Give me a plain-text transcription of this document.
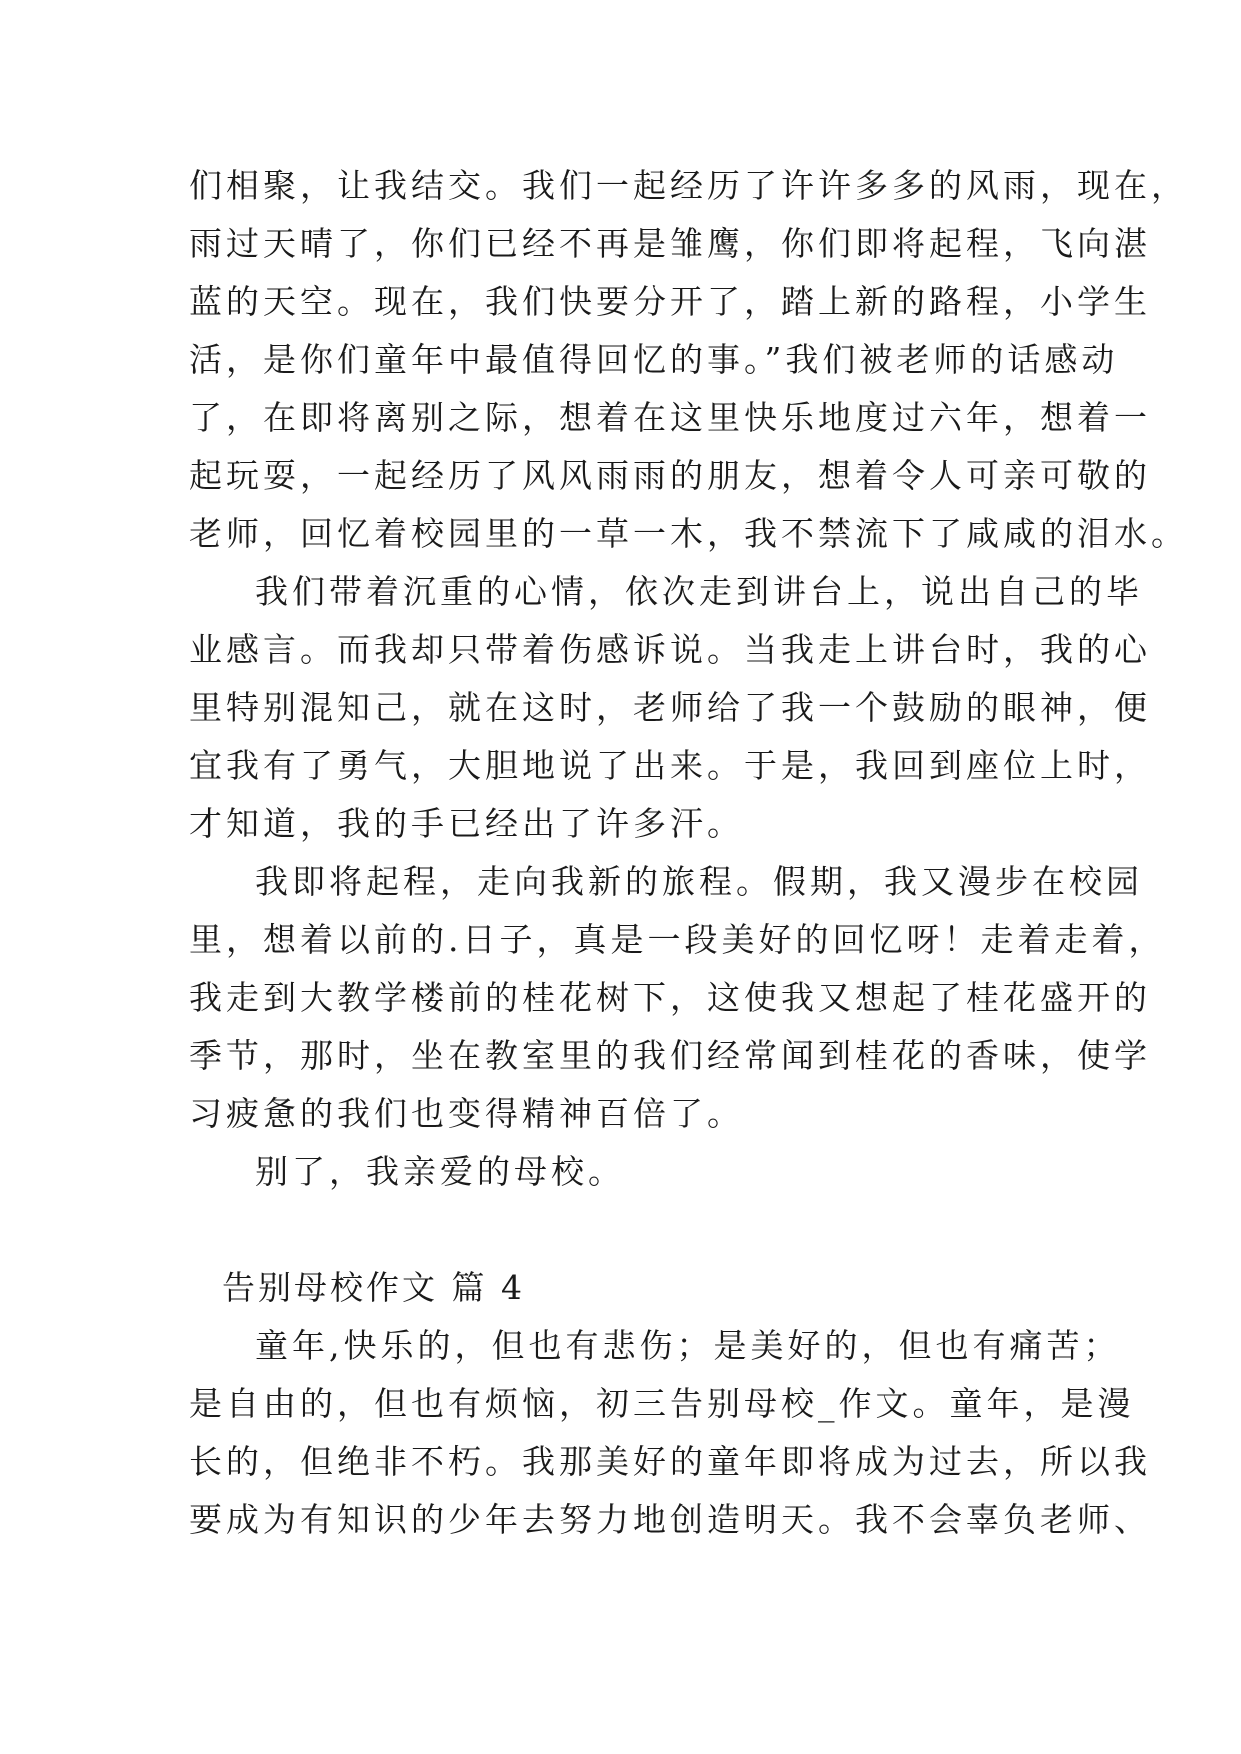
们相聚，让我结交。我们一起经历了许许多多的风雨，现在，
雨过天晴了，你们已经不再是雏鹰，你们即将起程，飞向湛
蓝的天空。现在，我们快要分开了，踏上新的路程，小学生
活，是你们童年中最值得回忆的事。”我们被老师的话感动
了，在即将离别之际，想着在这里快乐地度过六年，想着一
起玩耍，一起经历了风风雨雨的朋友，想着令人可亲可敬的
老师，回忆着校园里的一草一木，我不禁流下了咸咸的泪水。
我们带着沉重的心情，依次走到讲台上，说出自己的毕
业感言。而我却只带着伤感诉说。当我走上讲台时，我的心
里特别混知己，就在这时，老师给了我一个鼓励的眼神，便
宜我有了勇气，大胆地说了出来。于是，我回到座位上时，
才知道，我的手已经出了许多汗。
我即将起程，走向我新的旅程。假期，我又漫步在校园
里，想着以前的.日子，真是一段美好的回忆呀！走着走着，
我走到大教学楼前的桂花树下，这使我又想起了桂花盛开的
季节，那时，坐在教室里的我们经常闻到桂花的香味，使学
习疲惫的我们也变得精神百倍了。
别了，我亲爱的母校。
告别母校作文 篇 4
童年,快乐的，但也有悲伤；是美好的，但也有痛苦；
是自由的，但也有烦恼，初三告别母校_作文。童年，是漫
长的，但绝非不朽。我那美好的童年即将成为过去，所以我
要成为有知识的少年去努力地创造明天。我不会辜负老师、
